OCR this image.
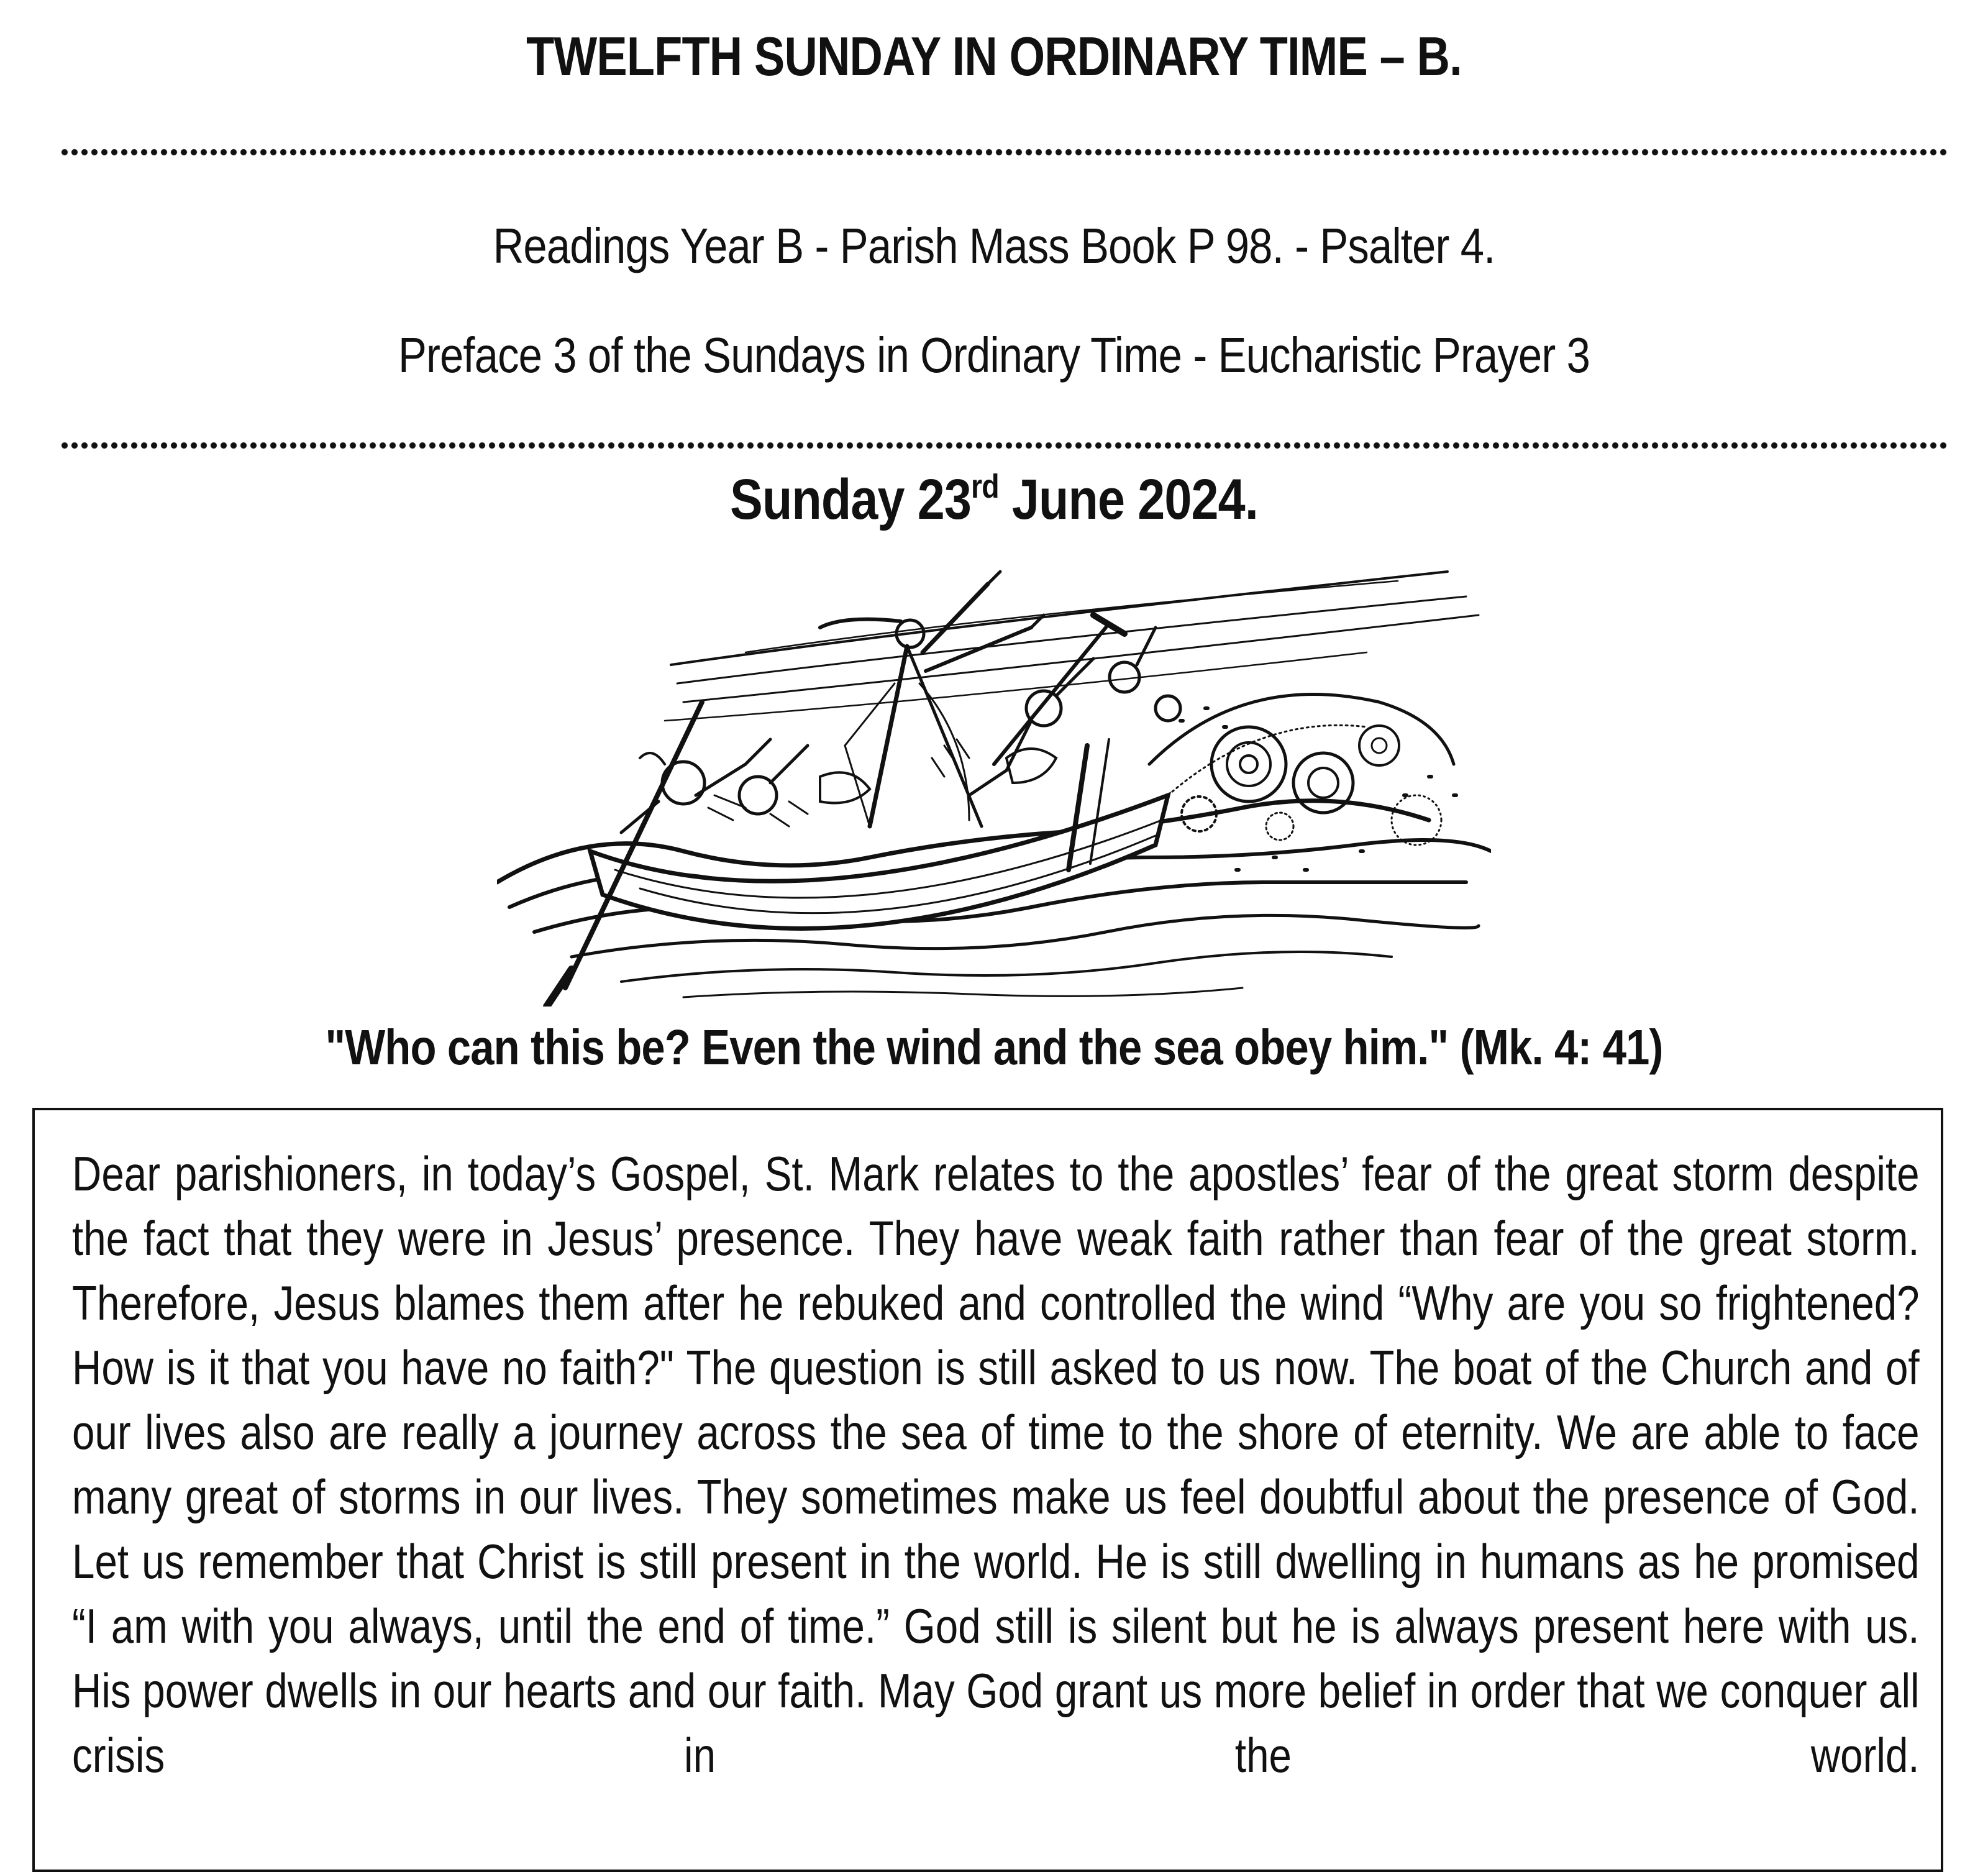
TWELFTH SUNDAY IN ORDINARY TIME – B.
Readings Year B - Parish Mass Book P 98. - Psalter 4.
Preface 3 of the Sundays in Ordinary Time - Eucharistic Prayer 3
Sunday 23rd June 2024.
"Who can this be? Even the wind and the sea obey him." (Mk. 4: 41)
Dear parishioners, in today’s Gospel, St. Mark relates to the apostles’ fear of the great storm despite the fact that they were in Jesus’ presence. They have weak faith rather than fear of the great storm. Therefore, Jesus blames them after he rebuked and controlled the wind “Why are you so frightened? How is it that you have no faith?" The question is still asked to us now. The boat of the Church and of our lives also are really a journey across the sea of time to the shore of eternity. We are able to face many great of storms in our lives. They sometimes make us feel doubtful about the presence of God. Let us remember that Christ is still present in the world. He is still dwelling in humans as he promised “I am with you always, until the end of time.” God still is silent but he is always present here with us. His power dwells in our hearts and our faith. May God grant us more belief in order that we conquer all crisis in the world.
